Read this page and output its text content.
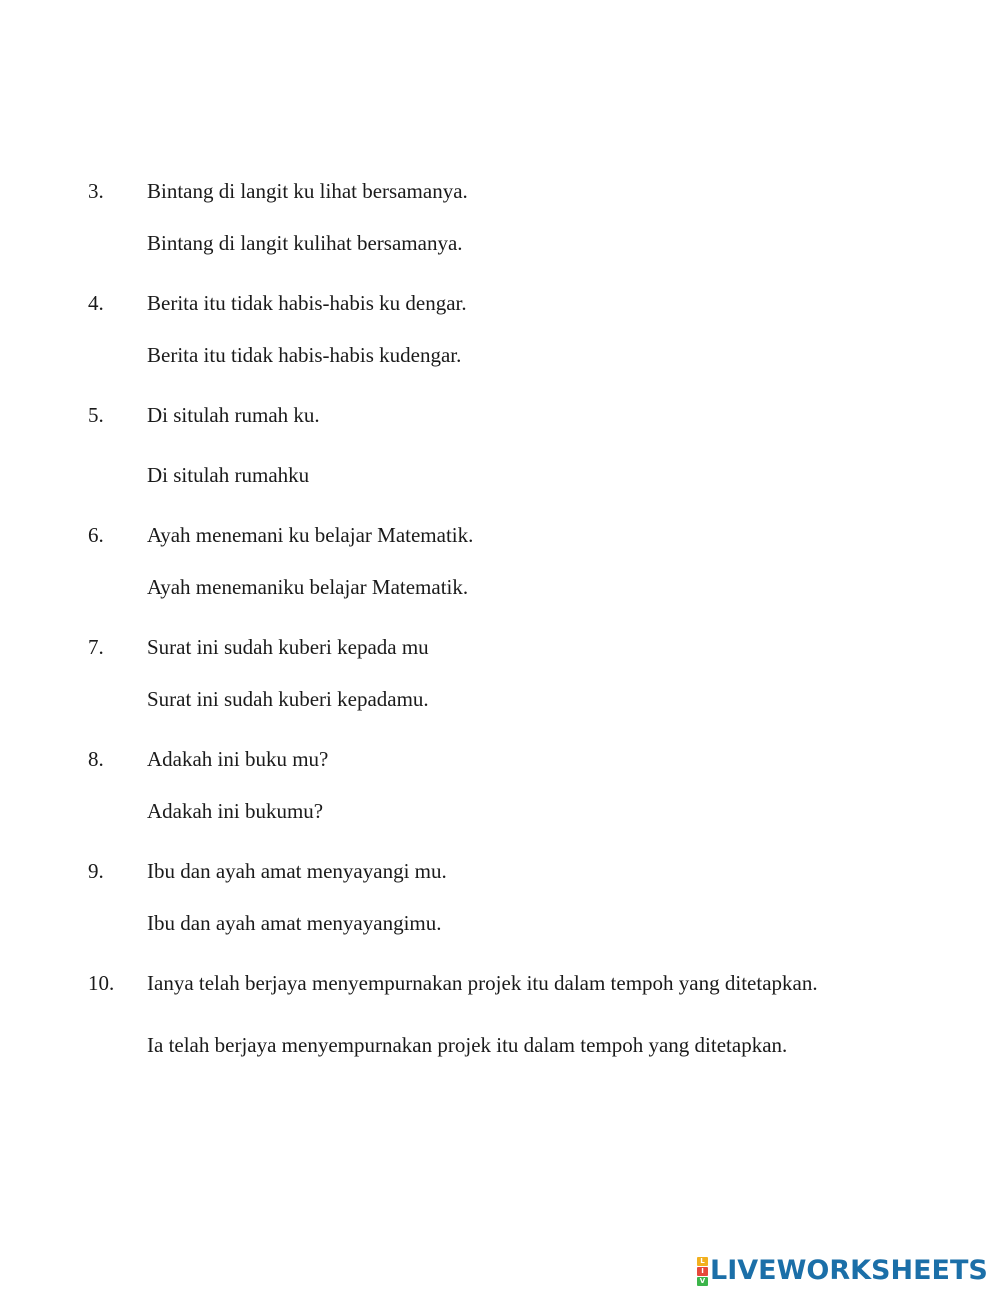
3. Bintang di langit ku lihat bersamanya.
Bintang di langit kulihat bersamanya.
4. Berita itu tidak habis-habis ku dengar.
Berita itu tidak habis-habis kudengar.
5. Di situlah rumah ku.
Di situlah rumahku
6. Ayah menemani ku belajar Matematik.
Ayah menemaniku belajar Matematik.
7. Surat ini sudah kuberi kepada mu
Surat ini sudah kuberi kepadamu.
8. Adakah ini buku mu?
Adakah ini bukumu?
9. Ibu dan ayah amat menyayangi mu.
Ibu dan ayah amat menyayangimu.
10. Ianya telah berjaya menyempurnakan projek itu dalam tempoh yang ditetapkan.
Ia telah berjaya menyempurnakan projek itu dalam tempoh yang ditetapkan.
L
I
V LIVEWORKSHEETS
